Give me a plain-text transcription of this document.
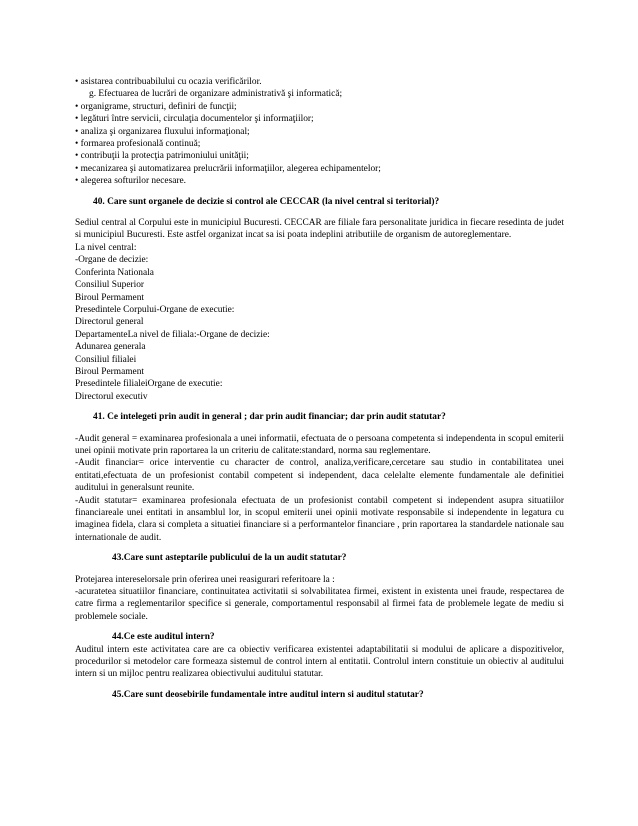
• asistarea contribuabilului cu ocazia verificărilor.
g. Efectuarea de lucrări de organizare administrativă şi informatică;
• organigrame, structuri, definiri de funcţii;
• legături între servicii, circulaţia documentelor şi informaţiilor;
• analiza şi organizarea fluxului informaţional;
• formarea profesională continuă;
• contribuţii la protecţia patrimoniului unităţii;
• mecanizarea şi automatizarea prelucrării informaţiilor, alegerea echipamentelor;
• alegerea softurilor necesare.
40. Care sunt organele de decizie si control ale CECCAR (la nivel central si teritorial)?

Sediul central al Corpului este in municipiul Bucuresti. CECCAR are filiale fara personalitate juridica in fiecare resedinta de judet si municipiul Bucuresti. Este astfel organizat incat sa isi poata indeplini atributiile de organism de autoreglementare.

La nivel central:
-Organe de decizie:
Conferinta Nationala
Consiliul Superior
Biroul Permament
Presedintele Corpului-Organe de executie:
Directorul general
DepartamenteLa nivel de filiala:-Organe de decizie:
Adunarea generala
Consiliul filialei
Biroul Permament
Presedintele filialeiOrgane de executie:
Directorul executiv
41. Ce intelegeti prin audit in general ; dar prin audit financiar; dar prin audit statutar?

-Audit general = examinarea profesionala a unei informatii, efectuata de o persoana competenta si independenta in scopul emiterii unei opinii motivate prin raportarea la un criteriu de calitate:standard, norma sau reglementare.

-Audit financiar= orice interventie cu character de control, analiza,verificare,cercetare sau studio in contabilitatea unei entitati,efectuata de un profesionist contabil competent si independent, daca celelalte elemente fundamentale ale definitiei auditului in generalsunt reunite.

-Audit statutar= examinarea profesionala efectuata de un profesionist contabil competent si independent asupra situatiilor financiareale unei entitati in ansamblul lor, in scopul emiterii unei opinii motivate responsabile si independente in legatura cu imaginea fidela, clara si completa a situatiei financiare si a performantelor financiare , prin raportarea la standardele nationale sau internationale de audit.

43.Care sunt asteptarile publicului de la un audit statutar?

Protejarea intereselorsale prin oferirea unei reasigurari referitoare la :

-acuratetea situatiilor financiare, continuitatea activitatii si solvabilitatea firmei, existent in existenta unei fraude, respectarea de catre firma a reglementarilor specifice si generale, comportamentul responsabil al firmei fata de problemele legate de mediu si problemele sociale.

44.Ce este auditul intern?

Auditul intern este activitatea care are ca obiectiv verificarea existentei adaptabilitatii si modului de aplicare a dispozitivelor, procedurilor si metodelor care formeaza sistemul de control intern al entitatii. Controlul intern constituie un obiectiv al auditului intern si un mijloc pentru realizarea obiectivului auditului statutar.

45.Care sunt deosebirile fundamentale intre auditul intern si auditul statutar?
